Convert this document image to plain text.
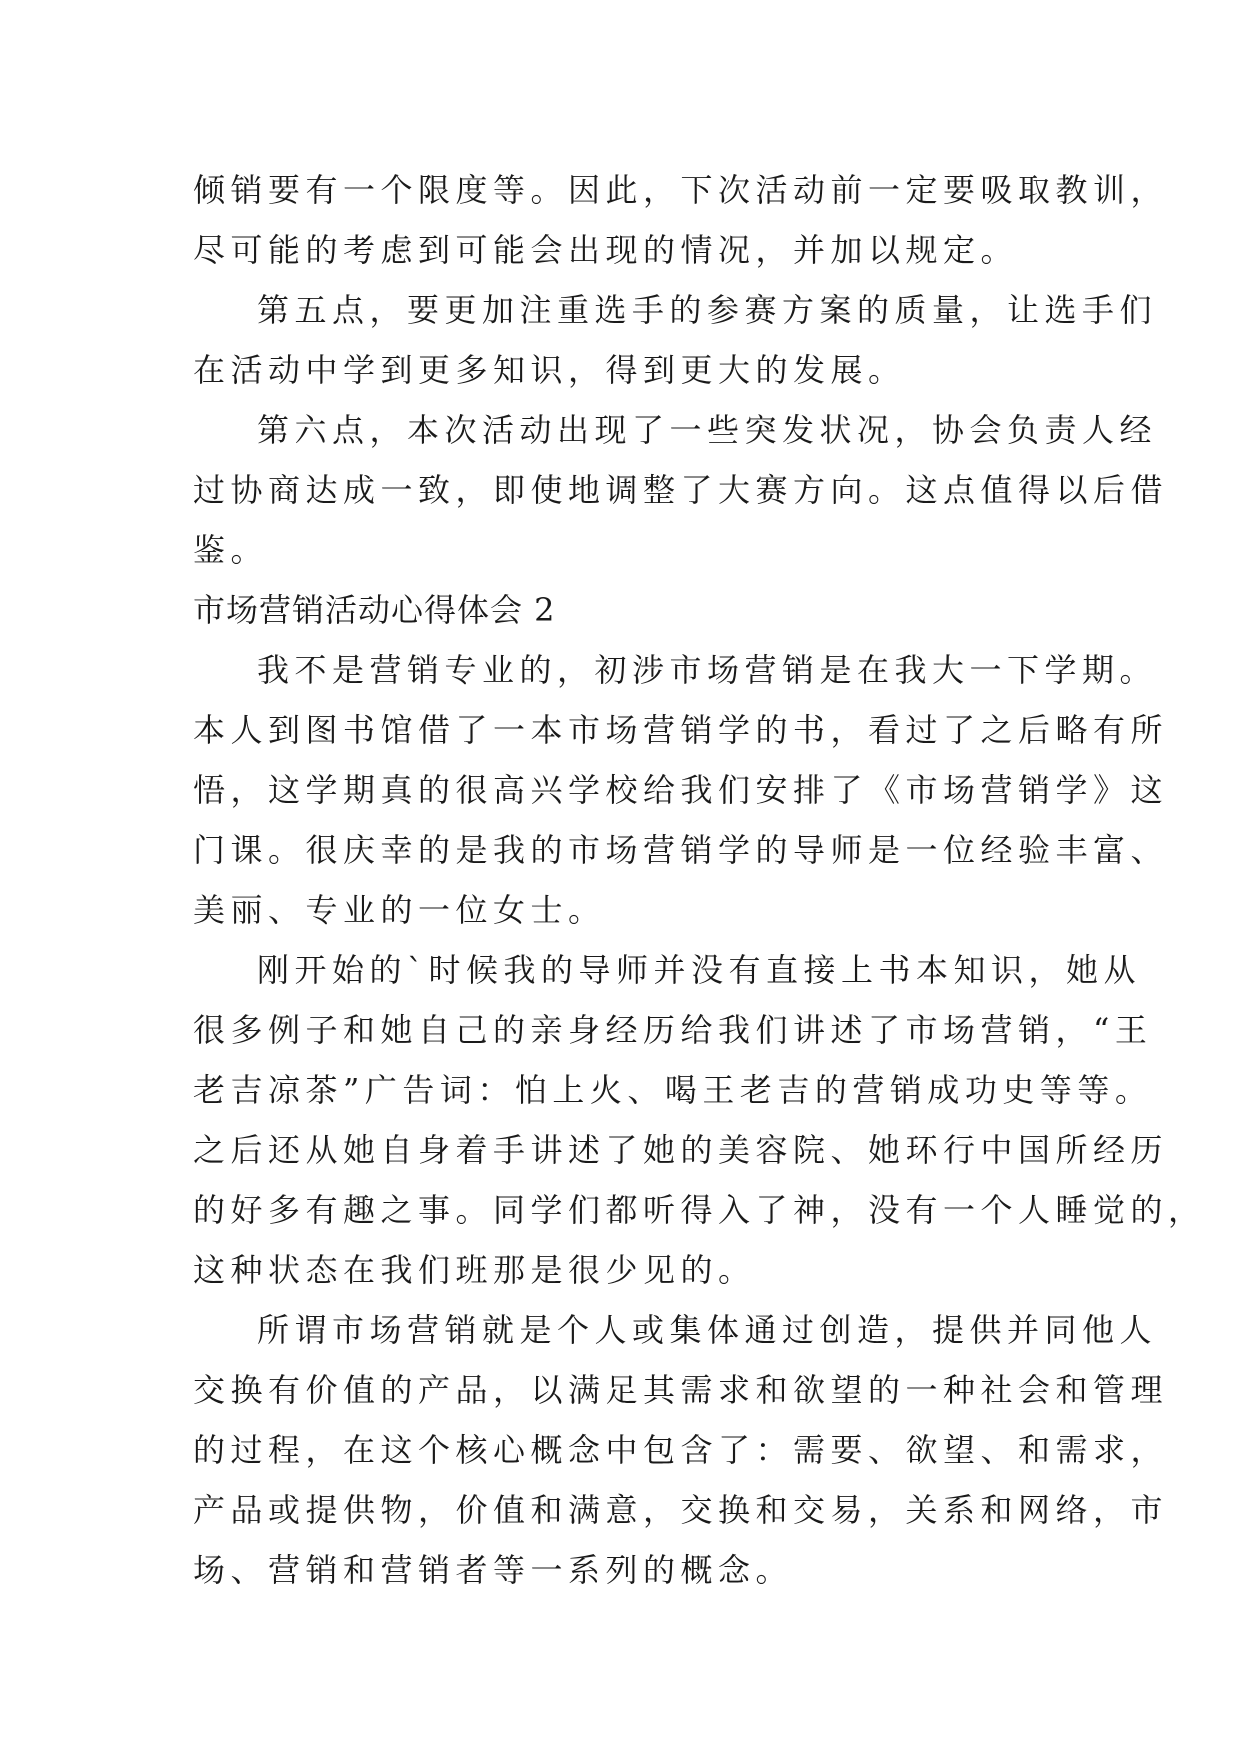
倾销要有一个限度等。因此，下次活动前一定要吸取教训，
尽可能的考虑到可能会出现的情况，并加以规定。
第五点，要更加注重选手的参赛方案的质量，让选手们
在活动中学到更多知识，得到更大的发展。
第六点，本次活动出现了一些突发状况，协会负责人经
过协商达成一致，即使地调整了大赛方向。这点值得以后借
鉴。
市场营销活动心得体会 2
我不是营销专业的，初涉市场营销是在我大一下学期。
本人到图书馆借了一本市场营销学的书，看过了之后略有所
悟，这学期真的很高兴学校给我们安排了《市场营销学》这
门课。很庆幸的是我的市场营销学的导师是一位经验丰富、
美丽、专业的一位女士。
刚开始的`时候我的导师并没有直接上书本知识，她从
很多例子和她自己的亲身经历给我们讲述了市场营销，“王
老吉凉茶”广告词：怕上火、喝王老吉的营销成功史等等。
之后还从她自身着手讲述了她的美容院、她环行中国所经历
的好多有趣之事。同学们都听得入了神，没有一个人睡觉的，
这种状态在我们班那是很少见的。
所谓市场营销就是个人或集体通过创造，提供并同他人
交换有价值的产品，以满足其需求和欲望的一种社会和管理
的过程，在这个核心概念中包含了：需要、欲望、和需求，
产品或提供物，价值和满意，交换和交易，关系和网络，市
场、营销和营销者等一系列的概念。
